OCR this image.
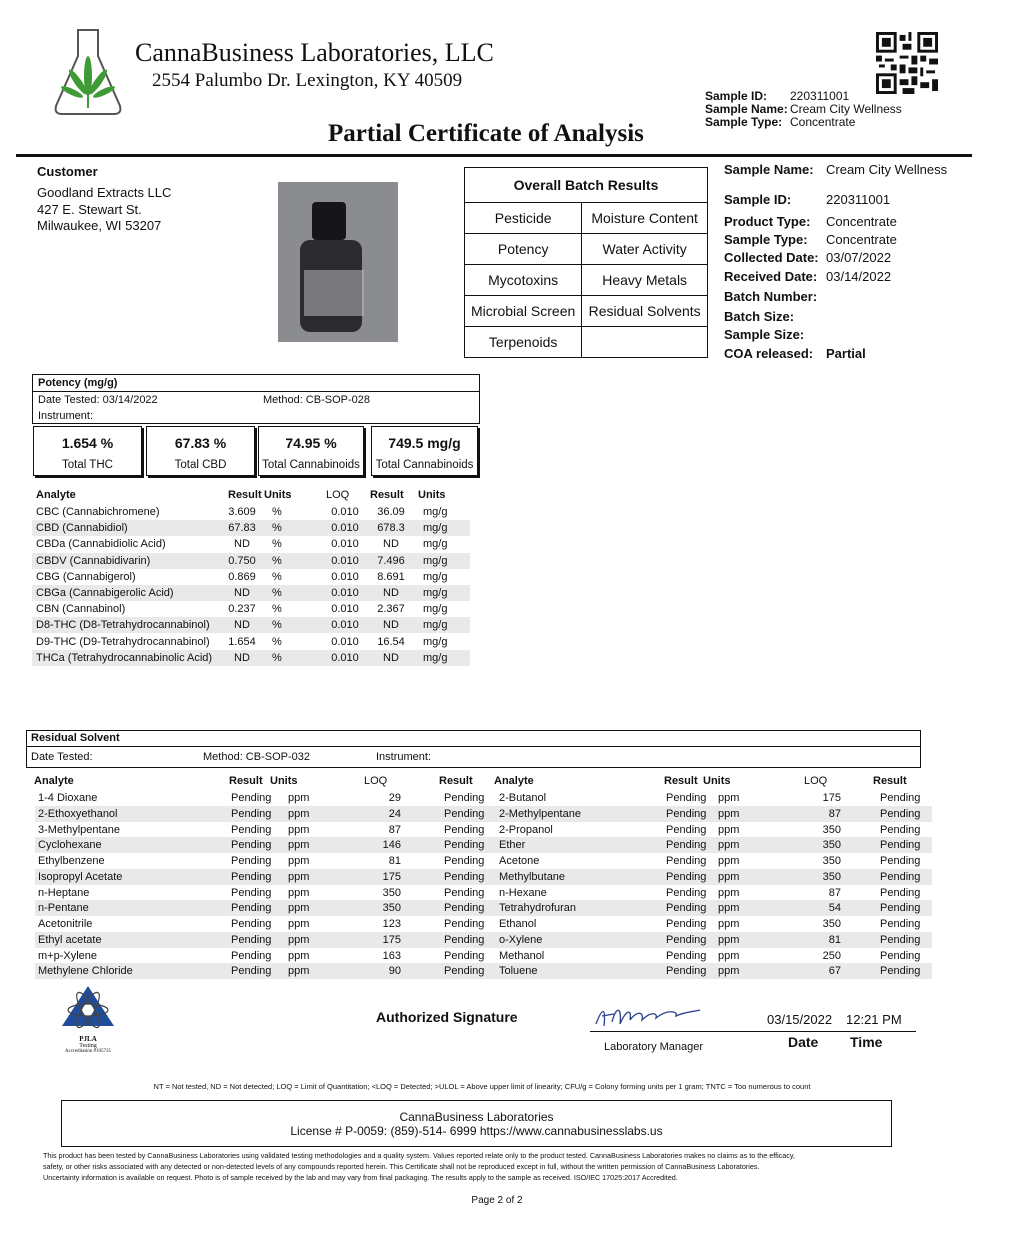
CannaBusiness Laboratories, LLC
2554 Palumbo Dr. Lexington, KY 40509
Sample ID: 220311001
Sample Name: Cream City Wellness
Sample Type: Concentrate
Partial Certificate of Analysis
Customer
Goodland Extracts LLC
427 E. Stewart St.
Milwaukee, WI 53207
Overall Batch Results	
Pesticide	Moisture Content
Potency	Water Activity
Mycotoxins	Heavy Metals
Microbial Screen	Residual Solvents
Terpenoids	
Sample Name: Cream City Wellness
Sample ID:	220311001
Product Type: Concentrate
Sample Type: Concentrate
Collected Date: 03/07/2022
Received Date: 03/14/2022
Batch Number:
Batch Size:
Sample Size:
COA released: Partial
Potency (mg/g)
Date Tested: 03/14/2022	Method: CB-SOP-028
Instrument:
1.654 %
Total THC
67.83 %
Total CBD
74.95 %
Total Cannabinoids
749.5 mg/g
Total Cannabinoids
Analyte	Result Units	LOQ Result Units
CBC (Cannabichromene)	3.609	%	0.010	36.09	mg/g
CBD (Cannabidiol)	67.83	%	0.010	678.3	mg/g
CBDa (Cannabidiolic Acid)	ND	%	0.010	ND	mg/g
CBDV (Cannabidivarin)	0.750	%	0.010	7.496	mg/g
CBG (Cannabigerol)	0.869	%	0.010	8.691	mg/g
CBGa (Cannabigerolic Acid)	ND	%	0.010	ND	mg/g
CBN (Cannabinol)	0.237	%	0.010	2.367	mg/g
D8-THC (D8-Tetrahydrocannabinol)	ND	%	0.010	ND	mg/g
D9-THC (D9-Tetrahydrocannabinol)	1.654	%	0.010	16.54	mg/g
THCa (Tetrahydrocannabinolic Acid)	ND	%	0.010	ND	mg/g
Residual Solvent
Date Tested:	Method: CB-SOP-032	Instrument:
Analyte	Result Units	LOQ	Result Analyte	Result Units	LOQ	Result
1-4 Dioxane	Pending ppm	29	Pending 2-Butanol	Pending ppm	175	Pending
2-Ethoxyethanol	Pending ppm	24	Pending 2-Methylpentane	Pending ppm	87	Pending
3-Methylpentane	Pending ppm	87	Pending 2-Propanol	Pending ppm	350	Pending
Cyclohexane	Pending ppm	146	Pending Ether	Pending ppm	350	Pending
Ethylbenzene	Pending ppm	81	Pending Acetone	Pending ppm	350	Pending
Isopropyl Acetate	Pending ppm	175	Pending Methylbutane	Pending ppm	350	Pending
n-Heptane	Pending ppm	350	Pending n-Hexane	Pending ppm	87	Pending
n-Pentane	Pending ppm	350	Pending Tetrahydrofuran	Pending ppm	54	Pending
Acetonitrile	Pending ppm	123	Pending Ethanol	Pending ppm	350	Pending
Ethyl acetate	Pending ppm	175	Pending o-Xylene	Pending ppm	81	Pending
m+p-Xylene	Pending ppm	163	Pending Methanol	Pending ppm	250	Pending
Methylene Chloride	Pending ppm	90	Pending Toluene	Pending ppm	67	Pending
PJLA
Testing
Accreditation #105735
Authorized Signature
Laboratory Manager
03/15/2022 12:21 PM
Date Time
NT = Not tested, ND = Not detected; LOQ = Limit of Quantitation; <LOQ = Detected; >ULOL = Above upper limit of linearity; CFU/g = Colony forming units per 1 gram; TNTC = Too numerous to count
CannaBusiness Laboratories
License # P-0059: (859)-514- 6999 https://www.cannabusinesslabs.us
This product has been tested by CannaBusiness Laboratories using validated testing methodologies and a quality system. Values reported relate only to the product tested. CannaBusiness Laboratories makes no claims as to the efficacy,
safety, or other risks associated with any detected or non-detected levels of any compounds reported herein. This Certificate shall not be reproduced except in full, without the written permission of CannaBusiness Laboratories.
Uncertainty information is available on request. Photo is of sample received by the lab and may vary from final packaging. The results apply to the sample as received. ISO/IEC 17025:2017 Accredited.
Page 2 of 2
